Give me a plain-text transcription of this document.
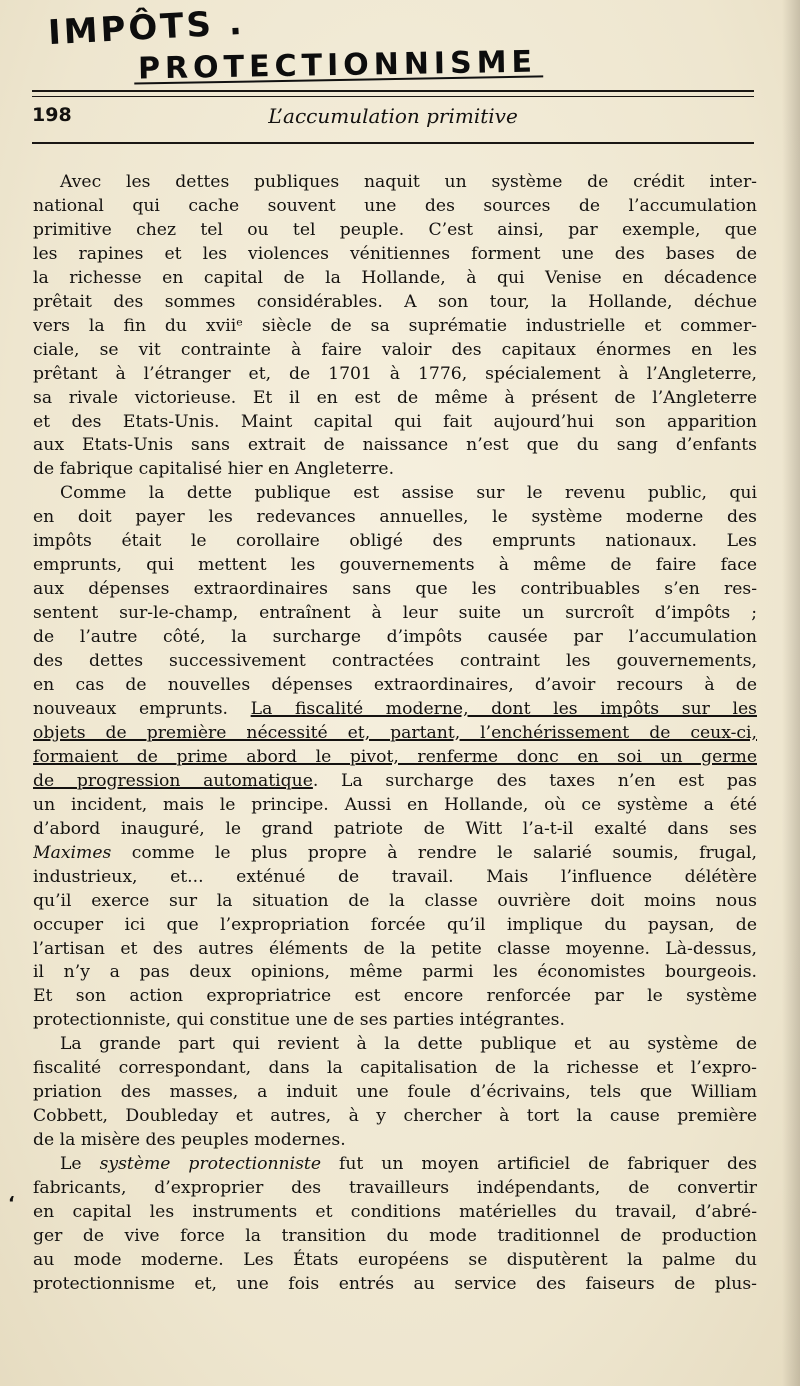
IMPÔTS .
PROTECTIONNISME
198	L’accumulation primitive
‘
Avec les dettes publiques naquit un système de crédit inter-
national qui cache souvent une des sources de l’accumulation
primitive chez tel ou tel peuple. C’est ainsi, par exemple, que
les rapines et les violences vénitiennes forment une des bases de
la richesse en capital de la Hollande, à qui Venise en décadence
prêtait des sommes considérables. A son tour, la Hollande, déchue
vers la fin du xviiᵉ siècle de sa suprématie industrielle et commer-
ciale, se vit contrainte à faire valoir des capitaux énormes en les
prêtant à l’étranger et, de 1701 à 1776, spécialement à l’Angleterre,
sa rivale victorieuse. Et il en est de même à présent de l’Angleterre
et des Etats-Unis. Maint capital qui fait aujourd’hui son apparition
aux Etats-Unis sans extrait de naissance n’est que du sang d’enfants
de fabrique capitalisé hier en Angleterre.
Comme la dette publique est assise sur le revenu public, qui
en doit payer les redevances annuelles, le système moderne des
impôts était le corollaire obligé des emprunts nationaux. Les
emprunts, qui mettent les gouvernements à même de faire face
aux dépenses extraordinaires sans que les contribuables s’en res-
sentent sur-le-champ, entraînent à leur suite un surcroît d’impôts ;
de l’autre côté, la surcharge d’impôts causée par l’accumulation
des dettes successivement contractées contraint les gouvernements,
en cas de nouvelles dépenses extraordinaires, d’avoir recours à de
nouveaux emprunts. La fiscalité moderne, dont les impôts sur les
objets de première nécessité et, partant, l’enchérissement de ceux-ci,
formaient de prime abord le pivot, renferme donc en soi un germe
de progression automatique. La surcharge des taxes n’en est pas
un incident, mais le principe. Aussi en Hollande, où ce système a été
d’abord inauguré, le grand patriote de Witt l’a-t-il exalté dans ses
Maximes comme le plus propre à rendre le salarié soumis, frugal,
industrieux, et... exténué de travail. Mais l’influence délétère
qu’il exerce sur la situation de la classe ouvrière doit moins nous
occuper ici que l’expropriation forcée qu’il implique du paysan, de
l’artisan et des autres éléments de la petite classe moyenne. Là-dessus,
il n’y a pas deux opinions, même parmi les économistes bourgeois.
Et son action expropriatrice est encore renforcée par le système
protectionniste, qui constitue une de ses parties intégrantes.
La grande part qui revient à la dette publique et au système de
fiscalité correspondant, dans la capitalisation de la richesse et l’expro-
priation des masses, a induit une foule d’écrivains, tels que William
Cobbett, Doubleday et autres, à y chercher à tort la cause première
de la misère des peuples modernes.
Le système protectionniste fut un moyen artificiel de fabriquer des
fabricants, d’exproprier des travailleurs indépendants, de convertir
en capital les instruments et conditions matérielles du travail, d’abré-
ger de vive force la transition du mode traditionnel de production
au mode moderne. Les États européens se disputèrent la palme du
protectionnisme et, une fois entrés au service des faiseurs de plus-
